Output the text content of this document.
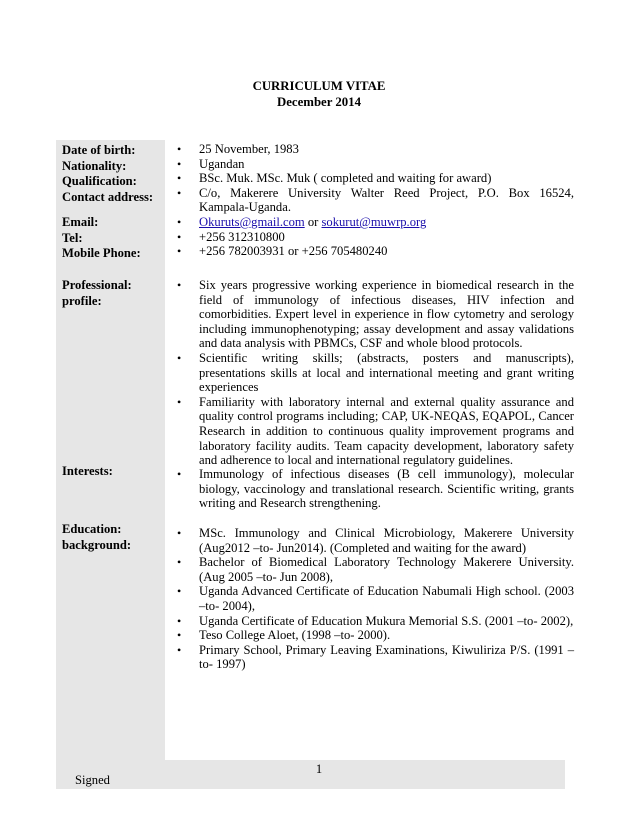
CURRICULUM VITAE
December 2014
Date of birth:
Nationality:
Qualification:
Contact address:
Email:
Tel:
Mobile Phone:
Professional:
profile:
Interests:
Education:
background:
• 25 November, 1983
• Ugandan
• BSc. Muk. MSc. Muk ( completed and waiting for award)
• C/o, Makerere University Walter Reed Project, P.O. Box 16524, Kampala-Uganda.
• Okuruts@gmail.com or sokurut@muwrp.org
• +256 312310800
• +256 782003931 or +256 705480240
• Six years progressive working experience in biomedical research in the field of immunology of infectious diseases, HIV infection and comorbidities. Expert level in experience in flow cytometry and serology including immunophenotyping; assay development and assay validations and data analysis with PBMCs, CSF and whole blood protocols.
• Scientific writing skills; (abstracts, posters and manuscripts), presentations skills at local and international meeting and grant writing experiences
• Familiarity with laboratory internal and external quality assurance and quality control programs including; CAP, UK-NEQAS, EQAPOL, Cancer Research in addition to continuous quality improvement programs and laboratory facility audits. Team capacity development, laboratory safety and adherence to local and international regulatory guidelines.
• Immunology of infectious diseases (B cell immunology), molecular biology, vaccinology and translational research. Scientific writing, grants writing and Research strengthening.
• MSc. Immunology and Clinical Microbiology, Makerere University (Aug2012 –to- Jun2014). (Completed and waiting for the award)
• Bachelor of Biomedical Laboratory Technology Makerere University. (Aug 2005 –to- Jun 2008),
• Uganda Advanced Certificate of Education Nabumali High school. (2003 –to- 2004),
• Uganda Certificate of Education Mukura Memorial S.S. (2001 –to- 2002),
• Teso College Aloet, (1998 –to- 2000).
• Primary School, Primary Leaving Examinations, Kiwuliriza P/S. (1991 – to- 1997)
1
Signed
